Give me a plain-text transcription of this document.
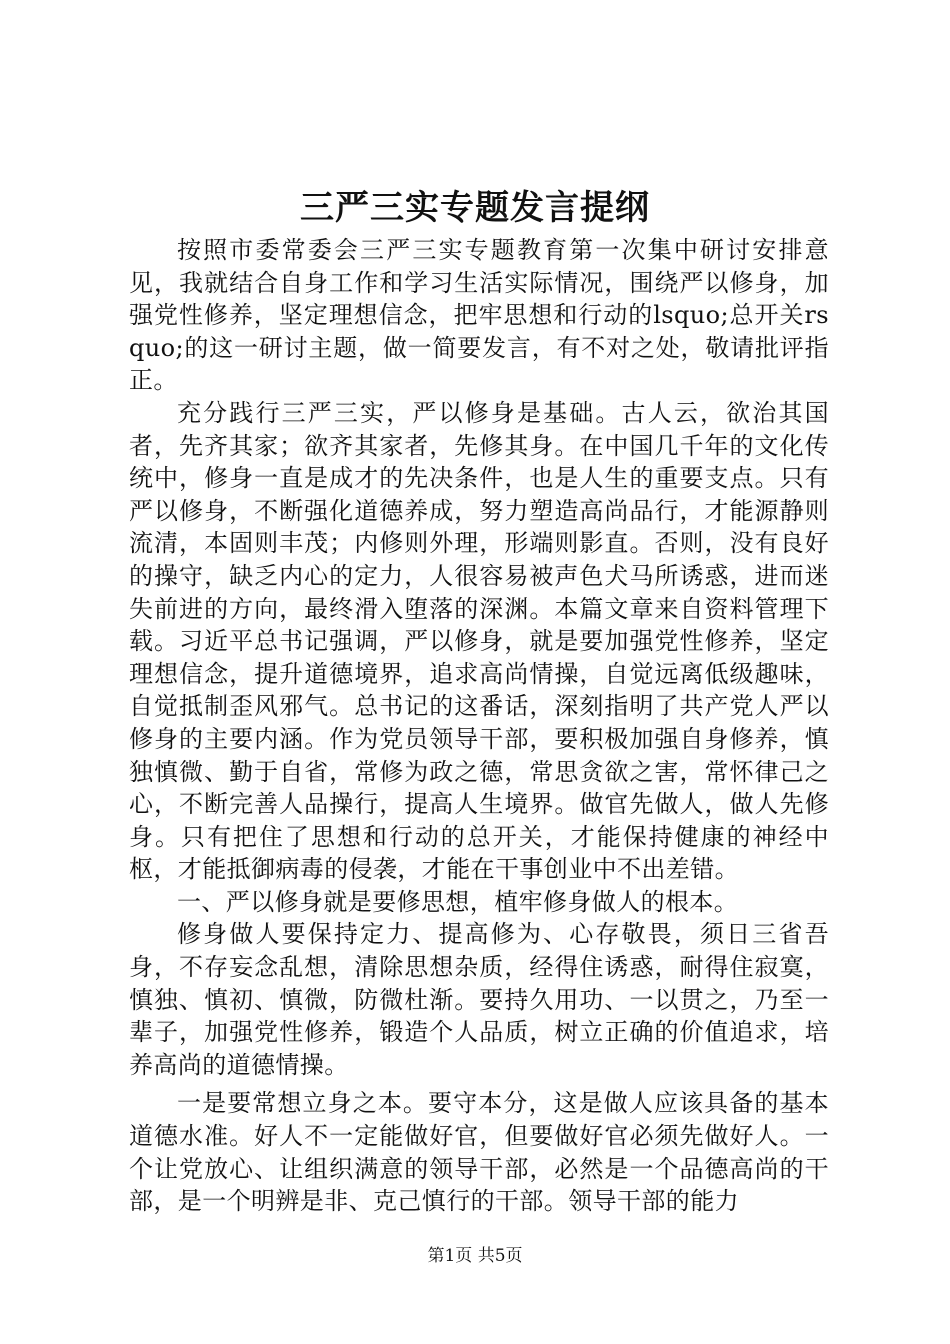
三严三实专题发言提纲

按照市委常委会三严三实专题教育第一次集中研讨安排意见，我就结合自身工作和学习生活实际情况，围绕严以修身，加强党性修养，坚定理想信念，把牢思想和行动的lsquo;总开关rsquo;的这一研讨主题，做一简要发言，有不对之处，敬请批评指正。

充分践行三严三实，严以修身是基础。古人云，欲治其国者，先齐其家；欲齐其家者，先修其身。在中国几千年的文化传统中，修身一直是成才的先决条件，也是人生的重要支点。只有严以修身，不断强化道德养成，努力塑造高尚品行，才能源静则流清，本固则丰茂；内修则外理，形端则影直。否则，没有良好的操守，缺乏内心的定力，人很容易被声色犬马所诱惑，进而迷失前进的方向，最终滑入堕落的深渊。本篇文章来自资料管理下载。习近平总书记强调，严以修身，就是要加强党性修养，坚定理想信念，提升道德境界，追求高尚情操，自觉远离低级趣味，自觉抵制歪风邪气。总书记的这番话，深刻指明了共产党人严以修身的主要内涵。作为党员领导干部，要积极加强自身修养，慎独慎微、勤于自省，常修为政之德，常思贪欲之害，常怀律己之心，不断完善人品操行，提高人生境界。做官先做人，做人先修身。只有把住了思想和行动的总开关，才能保持健康的神经中枢，才能抵御病毒的侵袭，才能在干事创业中不出差错。

一、严以修身就是要修思想，植牢修身做人的根本。

修身做人要保持定力、提高修为、心存敬畏，须日三省吾身，不存妄念乱想，清除思想杂质，经得住诱惑，耐得住寂寞，慎独、慎初、慎微，防微杜渐。要持久用功、一以贯之，乃至一辈子，加强党性修养，锻造个人品质，树立正确的价值追求，培养高尚的道德情操。

一是要常想立身之本。要守本分，这是做人应该具备的基本道德水准。好人不一定能做好官，但要做好官必须先做好人。一个让党放心、让组织满意的领导干部，必然是一个品德高尚的干部，是一个明辨是非、克己慎行的干部。领导干部的能力

第1页 共5页
